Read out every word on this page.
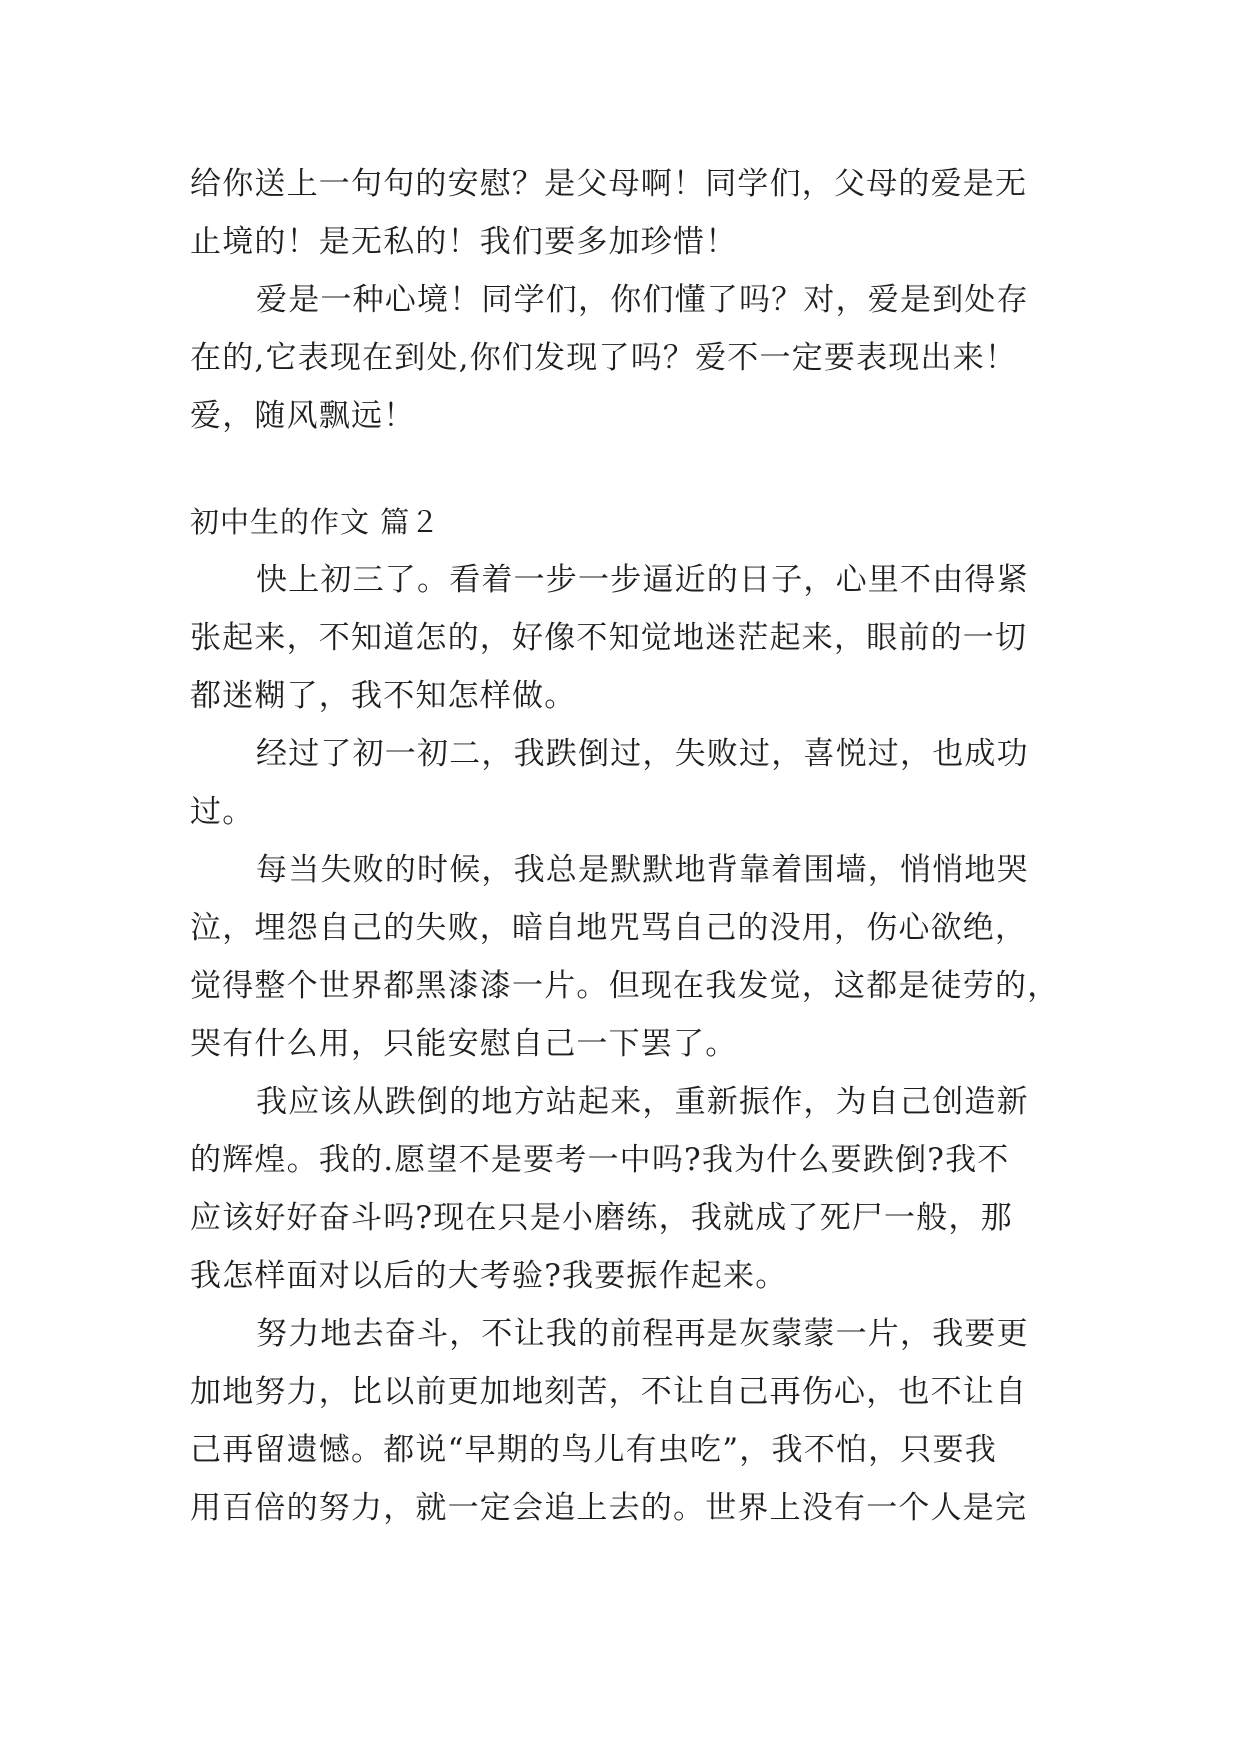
给你送上一句句的安慰？是父母啊！同学们，父母的爱是无
止境的！是无私的！我们要多加珍惜！
爱是一种心境！同学们，你们懂了吗？对，爱是到处存
在的,它表现在到处,你们发现了吗？爱不一定要表现出来！
爱，随风飘远！
初中生的作文 篇２
快上初三了。看着一步一步逼近的日子，心里不由得紧
张起来，不知道怎的，好像不知觉地迷茫起来，眼前的一切
都迷糊了，我不知怎样做。
经过了初一初二，我跌倒过，失败过，喜悦过，也成功
过。
每当失败的时候，我总是默默地背靠着围墙，悄悄地哭
泣，埋怨自己的失败，暗自地咒骂自己的没用，伤心欲绝，
觉得整个世界都黑漆漆一片。但现在我发觉，这都是徒劳的，
哭有什么用，只能安慰自己一下罢了。
我应该从跌倒的地方站起来，重新振作，为自己创造新
的辉煌。我的.愿望不是要考一中吗?我为什么要跌倒?我不
应该好好奋斗吗?现在只是小磨练，我就成了死尸一般，那
我怎样面对以后的大考验?我要振作起来。
努力地去奋斗，不让我的前程再是灰蒙蒙一片，我要更
加地努力，比以前更加地刻苦，不让自己再伤心，也不让自
己再留遗憾。都说“早期的鸟儿有虫吃”，我不怕，只要我
用百倍的努力，就一定会追上去的。世界上没有一个人是完
